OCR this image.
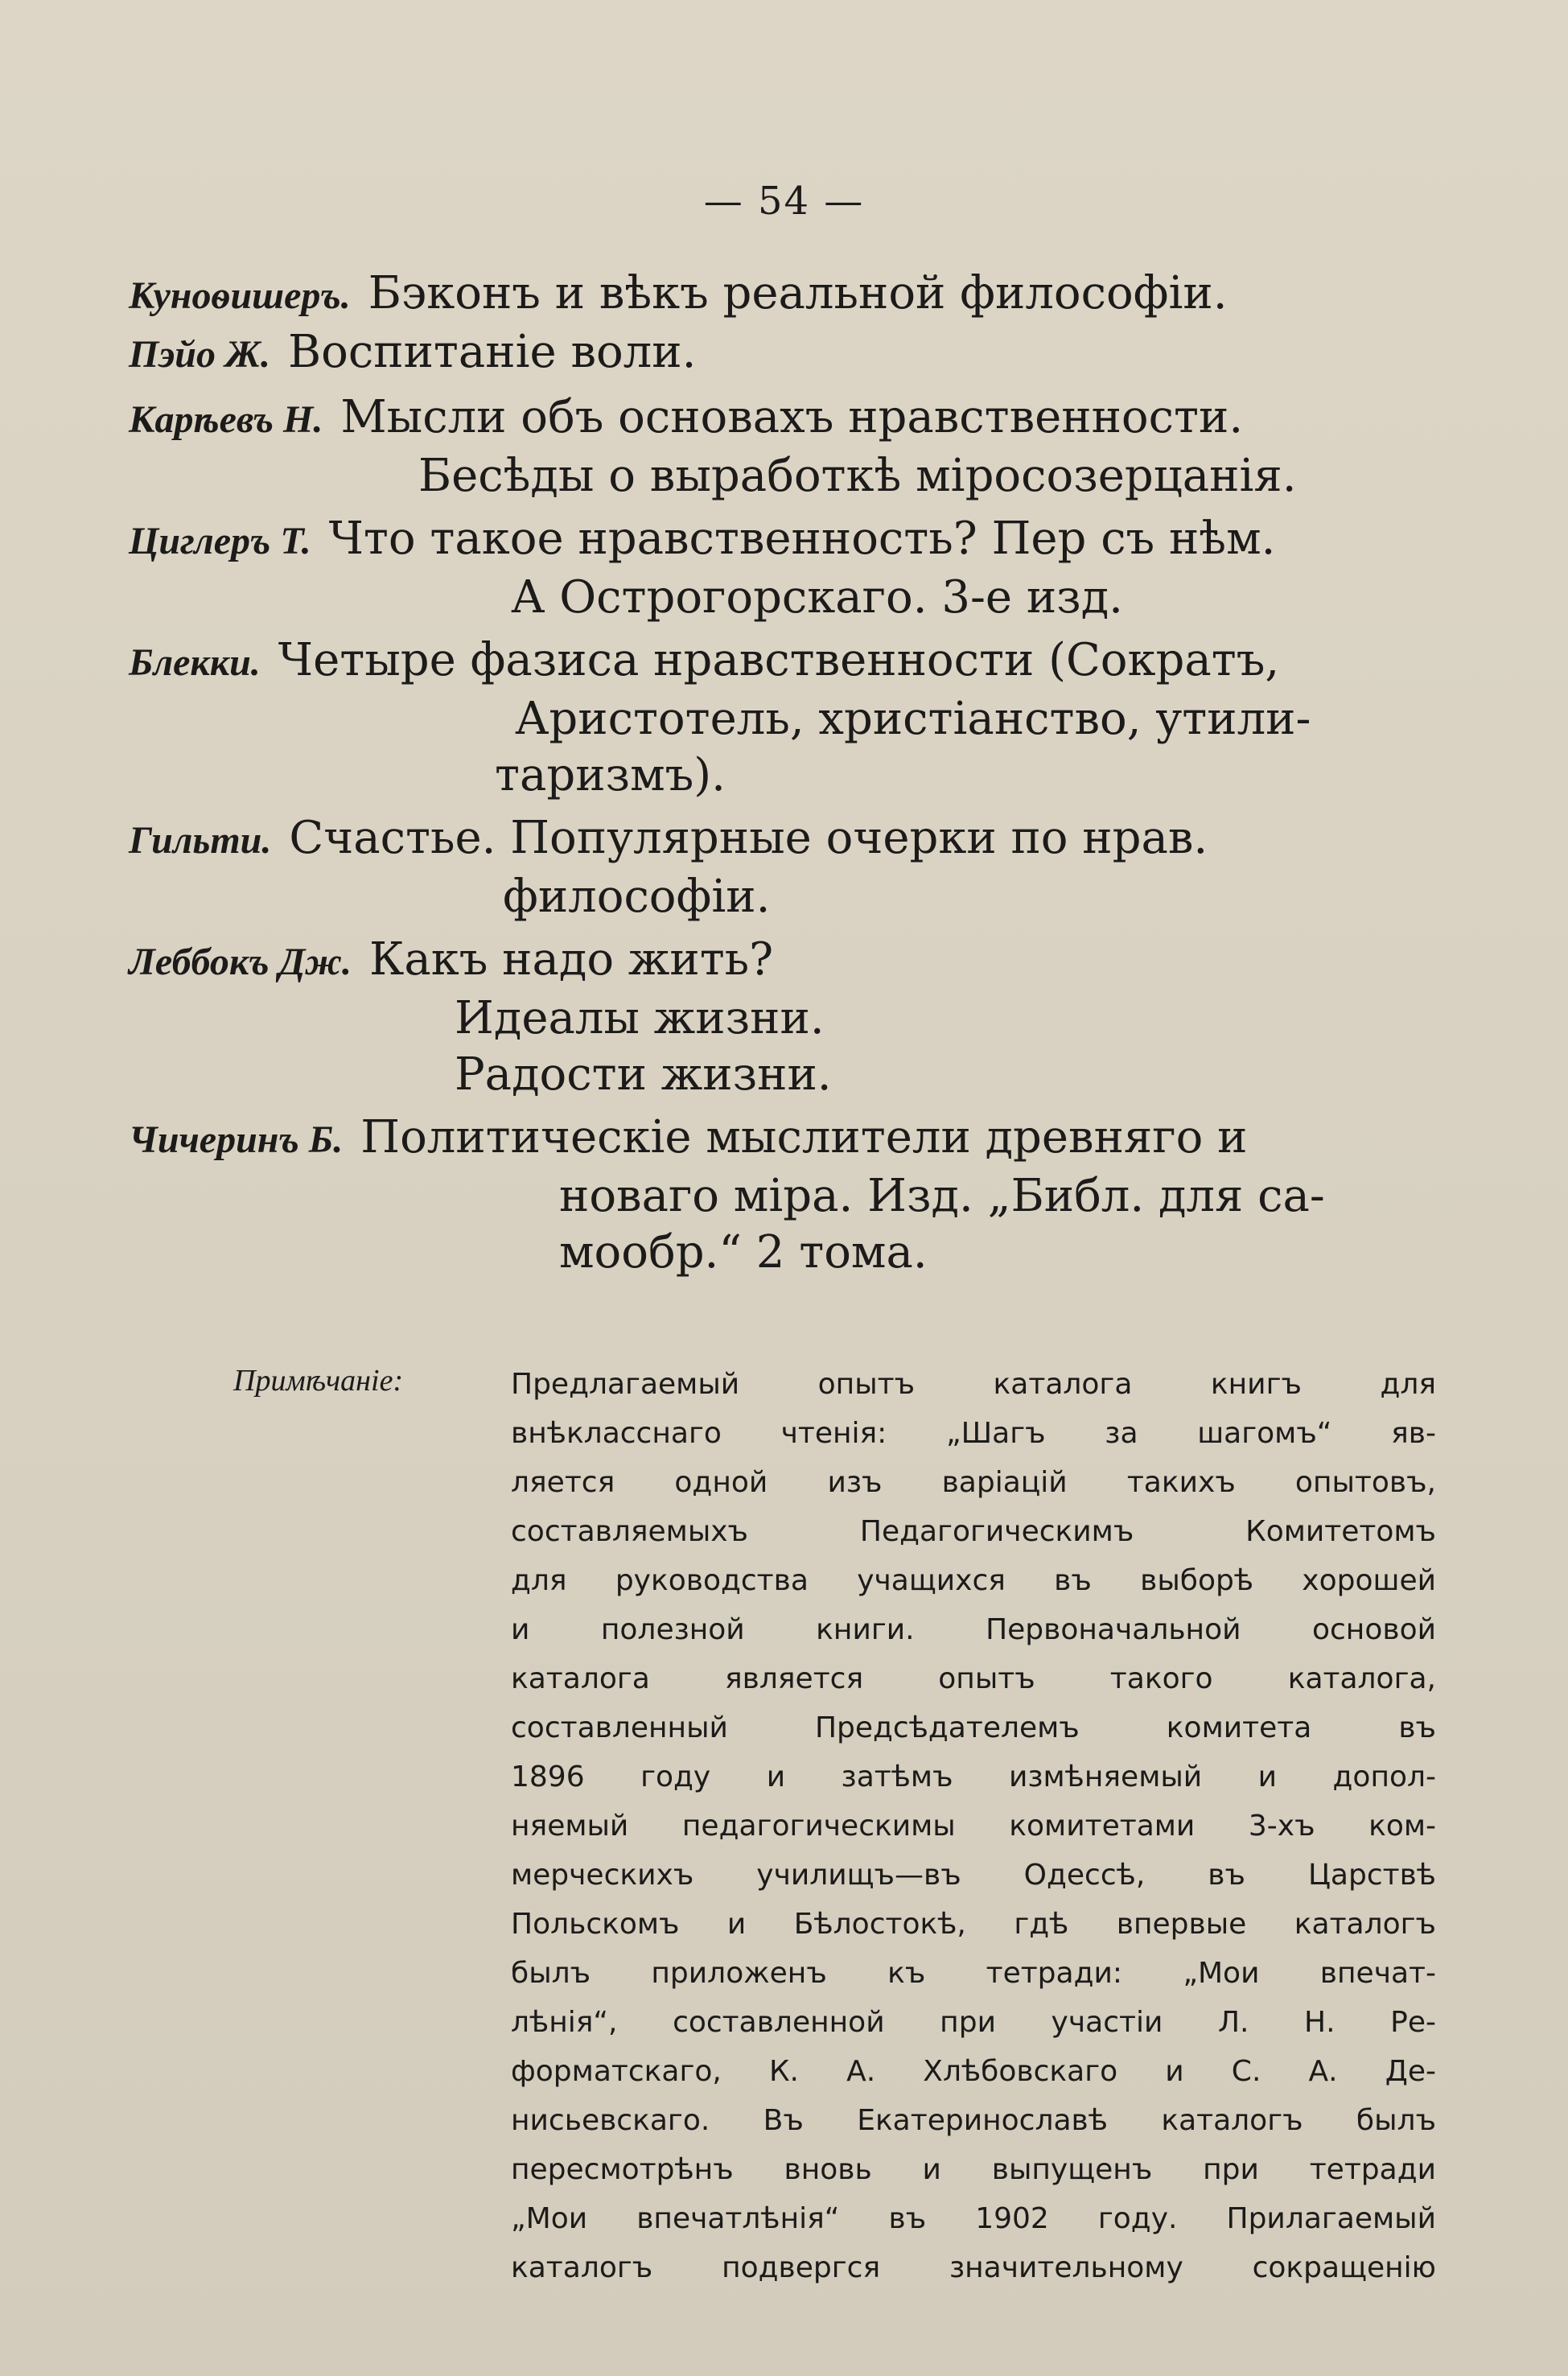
— 54 —
Куноѳишеръ. Бэконъ и вѣкъ реальной философіи.
Пэйо Ж. Воспитаніе воли.
Карѣевъ Н. Мысли объ основахъ нравственности.
Бесѣды о выработкѣ міросозерцанія.
Циглеръ Т. Что такое нравственность? Пер съ нѣм.
А Острогорскаго. 3-е изд.
Блекки. Четыре фазиса нравственности (Сократъ,
Аристотель, христіанство, утили-
таризмъ).
Гильти. Счастье. Популярные очерки по нрав.
философіи.
Леббокъ Дж. Какъ надо жить?
Идеалы жизни.
Радости жизни.
Чичеринъ Б. Политическіе мыслители древняго и
новаго міра. Изд. „Библ. для са-
мообр.“ 2 тома.
Примѣчаніе:	Предлагаемый опытъ каталога книгъ для
внѣкласснаго чтенія: „Шагъ за шагомъ“ яв-
ляется одной изъ варіацій такихъ опытовъ,
составляемыхъ Педагогическимъ Комитетомъ
для руководства учащихся въ выборѣ хорошей
и полезной книги. Первоначальной основой
каталога является опытъ такого каталога,
составленный Предсѣдателемъ комитета въ
1896 году и затѣмъ измѣняемый и допол-
няемый педагогическимы комитетами 3-хъ ком-
мерческихъ училищъ—въ Одессѣ, въ Царствѣ
Польскомъ и Бѣлостокѣ, гдѣ впервые каталогъ
былъ приложенъ къ тетради: „Мои впечат-
лѣнія“, составленной при участіи Л. Н. Ре-
форматскаго, К. А. Хлѣбовскаго и С. А. Де-
нисьевскаго. Въ Екатеринославѣ каталогъ былъ
пересмотрѣнъ вновь и выпущенъ при тетради
„Мои впечатлѣнія“ въ 1902 году. Прилагаемый
каталогъ подвергся значительному сокращенію
